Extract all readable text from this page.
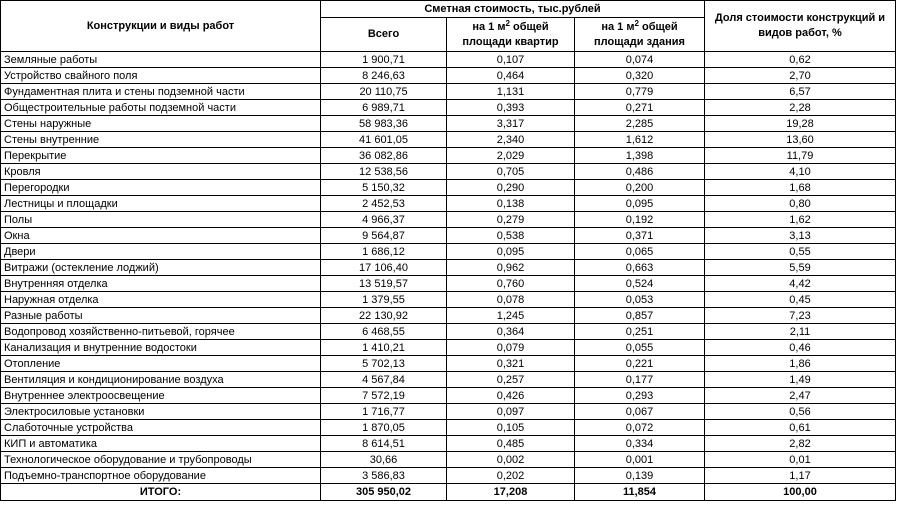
Конструкции и виды работ	Сметная стоимость, тыс.рублей			Доля стоимости конструкций и видов работ, %
	Всего	на 1 $м^2$ общей площади квартир	на 1 $м^2$ общей площади здания	
Земляные работы	1 900,71	0,107	0,074	0,62
Устройство свайного поля	8 246,63	0,464	0,320	2,70
Фундаментная плита и стены подземной части	20 110,75	1,131	0,779	6,57
Общестроительные работы подземной части	6 989,71	0,393	0,271	2,28
Стены наружные	58 983,36	3,317	2,285	19,28
Стены внутренние	41 601,05	2,340	1,612	13,60
Перекрытие	36 082,86	2,029	1,398	11,79
Кровля	12 538,56	0,705	0,486	4,10
Перегородки	5 150,32	0,290	0,200	1,68
Лестницы и площадки	2 452,53	0,138	0,095	0,80
Полы	4 966,37	0,279	0,192	1,62
Окна	9 564,87	0,538	0,371	3,13
Двери	1 686,12	0,095	0,065	0,55
Витражи (остекление лоджий)	17 106,40	0,962	0,663	5,59
Внутренняя отделка	13 519,57	0,760	0,524	4,42
Наружная отделка	1 379,55	0,078	0,053	0,45
Разные работы	22 130,92	1,245	0,857	7,23
Водопровод хозяйственно-питьевой, горячее	6 468,55	0,364	0,251	2,11
Канализация и внутренние водостоки	1 410,21	0,079	0,055	0,46
Отопление	5 702,13	0,321	0,221	1,86
Вентиляция и кондиционирование воздуха	4 567,84	0,257	0,177	1,49
Внутреннее электроосвещение	7 572,19	0,426	0,293	2,47
Электросиловые установки	1 716,77	0,097	0,067	0,56
Слаботочные устройства	1 870,05	0,105	0,072	0,61
КИП и автоматика	8 614,51	0,485	0,334	2,82
Технологическое оборудование и трубопроводы	30,66	0,002	0,001	0,01
Подъемно-транспортное оборудование	3 586,83	0,202	0,139	1,17
ИТОГО:	305 950,02	17,208	11,854	100,00
